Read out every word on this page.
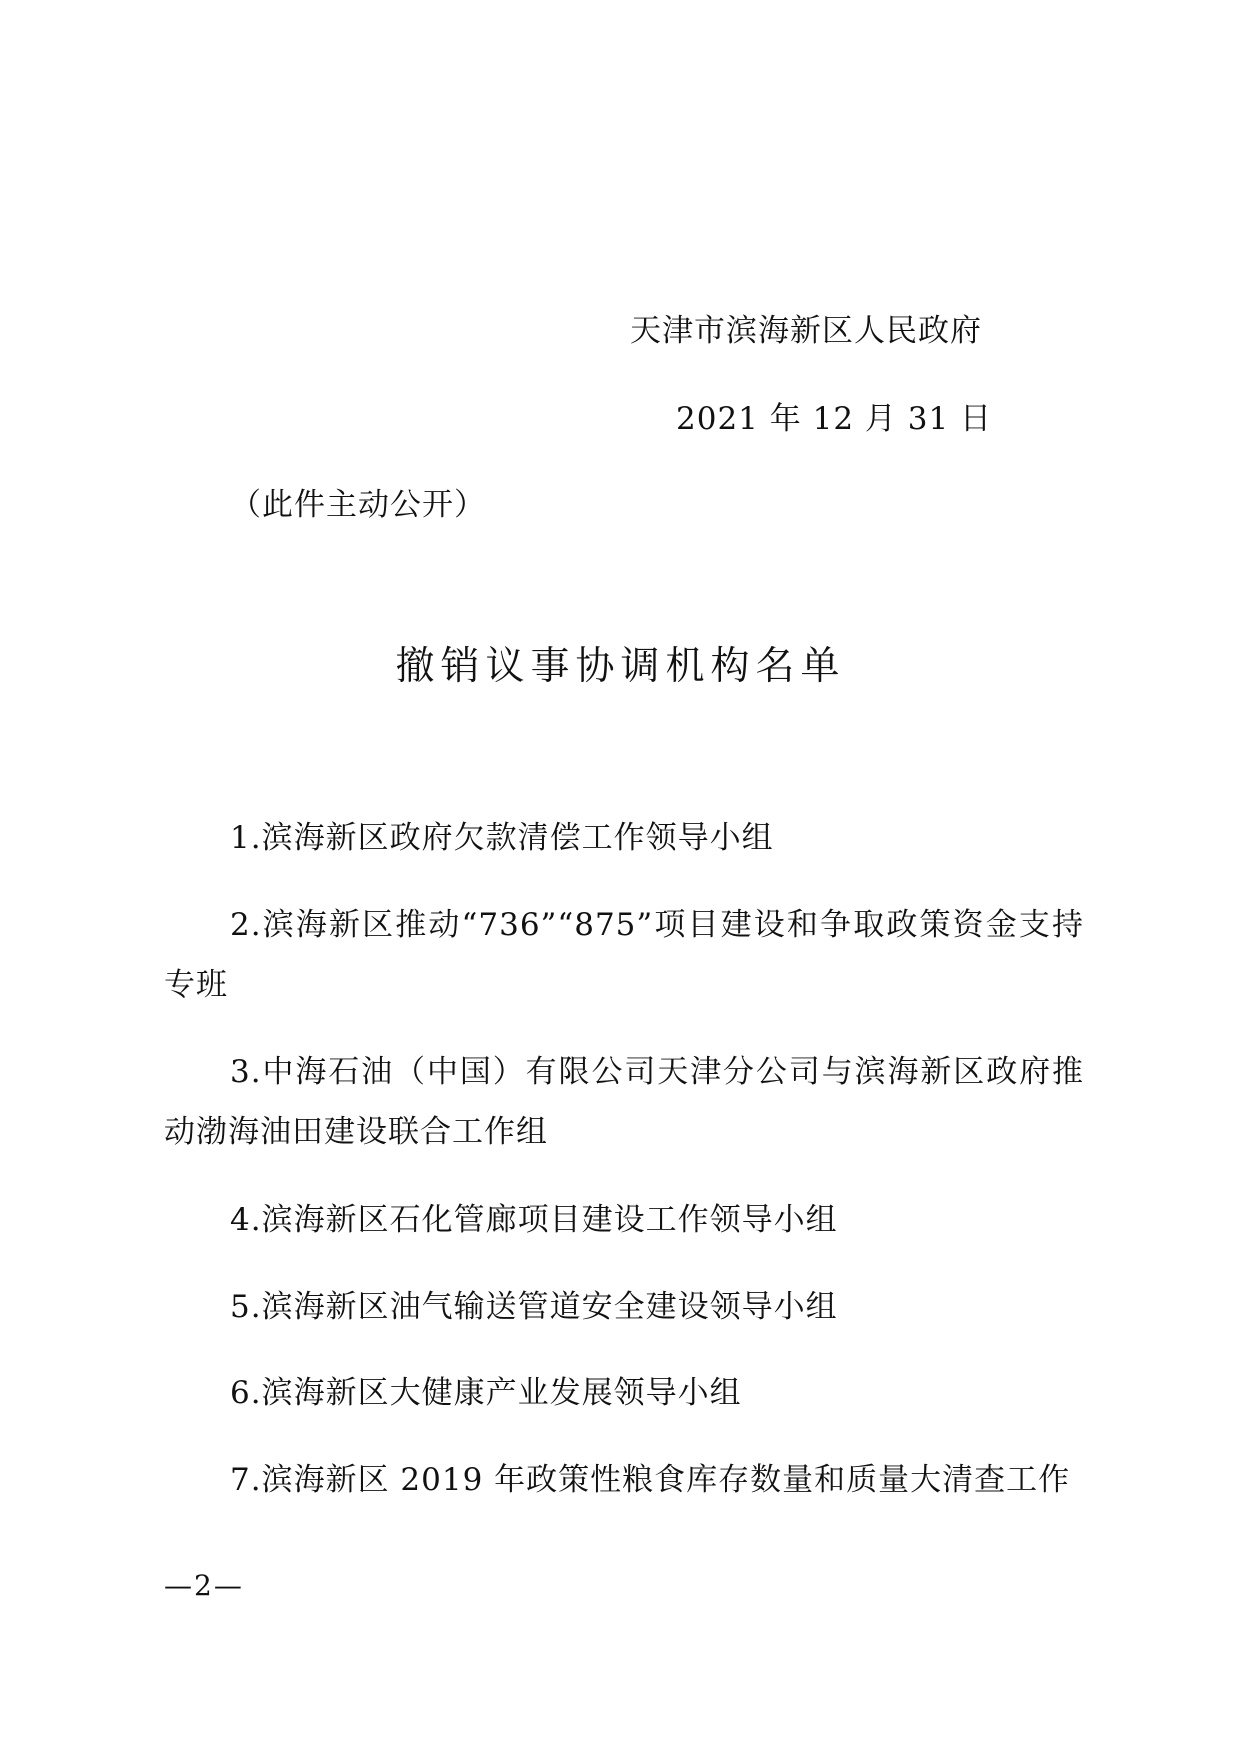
天津市滨海新区人民政府
2021 年 12 月 31 日
（此件主动公开）
撤销议事协调机构名单
1.滨海新区政府欠款清偿工作领导小组
2.滨海新区推动“736”“875”项目建设和争取政策资金支持专班
3.中海石油（中国）有限公司天津分公司与滨海新区政府推动渤海油田建设联合工作组
4.滨海新区石化管廊项目建设工作领导小组
5.滨海新区油气输送管道安全建设领导小组
6.滨海新区大健康产业发展领导小组
7.滨海新区 2019 年政策性粮食库存数量和质量大清查工作
—2—
